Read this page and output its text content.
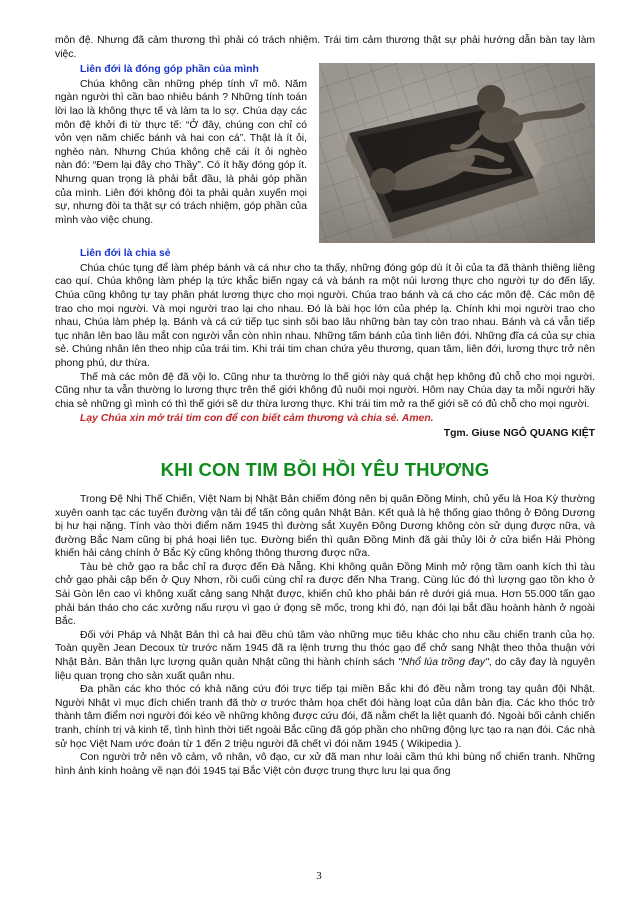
môn đệ. Nhưng đã cảm thương thì phải có trách nhiệm. Trái tim cảm thương thật sự phải hướng dẫn bàn tay làm việc.

Liên đới là đóng góp phần của mình

Chúa không cần những phép tính vĩ mô. Năm ngàn người thì cần bao nhiêu bánh ? Những tính toán lời lao là không thực tế và làm ta lo sợ. Chúa dạy các môn đệ khởi đi từ thực tế: “Ở đây, chúng con chỉ có vỏn vẹn năm chiếc bánh và hai con cá”. Thật là ít ỏi, nghèo nàn. Nhưng Chúa không chê cái ít ỏi nghèo nàn đó: “Đem lại đây cho Thầy”. Có ít hãy đóng góp ít. Nhưng quan trọng là phải bắt đầu, là phải góp phần của mình. Liên đới không đòi ta phải quản xuyến mọi sự, nhưng đòi ta thật sự có trách nhiệm, góp phần của mình vào việc chung.

Liên đới là chia sẻ

Chúa chúc tụng để làm phép bánh và cá như cho ta thấy, những đóng góp dù ít ỏi của ta đã thành thiêng liêng cao quí. Chúa không làm phép lạ tức khắc biến ngay cá và bánh ra một núi lương thực cho người tự do đến lấy. Chúa cũng không tự tay phân phát lương thực cho mọi người. Chúa trao bánh và cá cho các môn đệ. Các môn đệ trao cho mọi người. Và mọi người trao lại cho nhau. Đó là bài học lớn của phép lạ. Chính khi mọi người trao cho nhau, Chúa làm phép lạ. Bánh và cá cứ tiếp tục sinh sôi bao lâu những bàn tay còn trao nhau. Bánh và cá vẫn tiếp tục nhân lên bao lâu mắt con người vẫn còn nhìn nhau. Những tấm bánh của tình liên đới. Những đĩa cá của sự chia sẻ. Chúng nhân lên theo nhịp của trái tim. Khi trái tim chan chứa yêu thương, quan tâm, liên đới, lương thực trở nên phong phú, dư thừa.

Thế mà các môn đệ đã vội lo. Cũng như ta thường lo thế giới này quá chật hẹp không đủ chỗ cho mọi người. Cũng như ta vẫn thường lo lương thực trên thế giới không đủ nuôi mọi người. Hôm nay Chúa dạy ta mỗi người hãy chia sẻ những gì mình có thì thế giới sẽ dư thừa lương thực. Khi trái tim mở ra thế giới sẽ có đủ chỗ cho mọi người.

Lạy Chúa xin mở trái tim con để con biết cảm thương và chia sẻ. Amen.
Tgm. Giuse NGÔ QUANG KIỆT
KHI CON TIM BỒI HỒI YÊU THƯƠNG

Trong Đệ Nhị Thế Chiến, Việt Nam bị Nhật Bản chiếm đóng nên bị quân Đồng Minh, chủ yếu là Hoa Kỳ thường xuyên oanh tạc các tuyến đường vận tải để tấn công quân Nhật Bản. Kết quả là hệ thống giao thông ở Đông Dương bị hư hại nặng. Tính vào thời điểm năm 1945 thì đường sắt Xuyên Đông Dương không còn sử dụng được nữa, và đường Bắc Nam cũng bị phá hoại liên tục. Đường biển thì quân Đồng Minh đã gài thủy lôi ở cửa biển Hải Phòng khiến hải cảng chính ở Bắc Kỳ cũng không thông thương được nữa.

Tàu bè chở gạo ra bắc chỉ ra được đến Đà Nẵng. Khi không quân Đồng Minh mở rộng tầm oanh kích thì tàu chở gạo phải cập bến ở Quy Nhơn, rồi cuối cùng chỉ ra được đến Nha Trang. Cùng lúc đó thì lượng gạo tồn kho ở Sài Gòn lên cao vì không xuất cảng sang Nhật được, khiến chủ kho phải bán rẻ dưới giá mua. Hơn 55.000 tấn gạo phải bán tháo cho các xưởng nấu rượu vì gạo ứ đọng sẽ mốc, trong khi đó, nạn đói lại bắt đầu hoành hành ở ngoài Bắc.

Đối với Pháp và Nhật Bản thì cả hai đều chú tâm vào những mục tiêu khác cho nhu cầu chiến tranh của họ. Toàn quyền Jean Decoux từ trước năm 1945 đã ra lệnh trưng thu thóc gạo để chở sang Nhật theo thỏa thuận với Nhật Bản. Bản thân lực lượng quân quản Nhật cũng thi hành chính sách "Nhổ lúa trồng đay", do cây đay là nguyên liệu quan trọng cho sản xuất quân nhu.

Đa phần các kho thóc có khả năng cứu đói trực tiếp tại miền Bắc khi đó đều nằm trong tay quân đội Nhật. Người Nhật vì mục đích chiến tranh đã thờ ơ trước thảm họa chết đói hàng loạt của dân bản địa. Các kho thóc trở thành tâm điểm nơi người đói kéo về những không được cứu đói, đã nằm chết la liệt quanh đó. Ngoài bối cảnh chiến tranh, chính trị và kinh tế, tình hình thời tiết ngoài Bắc cũng đã góp phần cho những động lực tạo ra nạn đói. Các nhà sử học Việt Nam ước đoán từ 1 đến 2 triệu người đã chết vì đói năm 1945 ( Wikipedia ).

Con người trở nên vô cảm, vô nhân, vô đạo, cư xử đã man như loài cầm thú khi bùng nổ chiến tranh. Những hình ảnh kinh hoàng về nạn đói 1945 tại Bắc Việt còn được trung thực lưu lại qua ống

3
